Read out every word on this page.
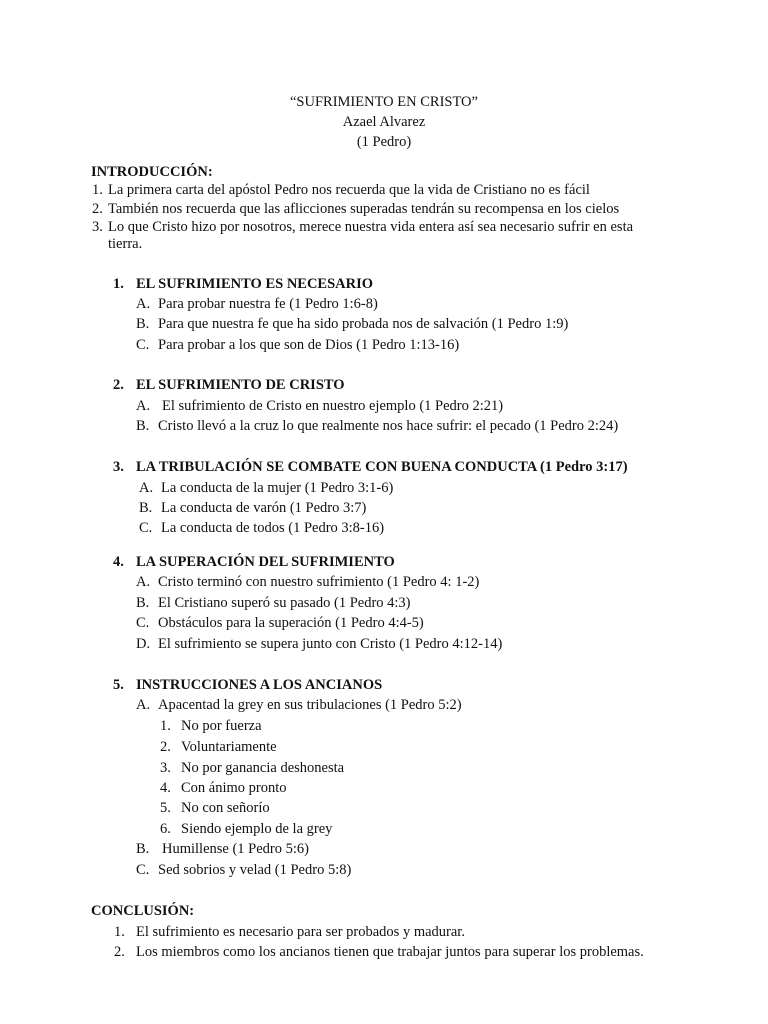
“SUFRIMIENTO EN CRISTO”
Azael Alvarez
(1 Pedro)
INTRODUCCIÓN:
1. La primera carta del apóstol Pedro nos recuerda que la vida de Cristiano no es fácil
2. También nos recuerda que las aflicciones superadas tendrán su recompensa en los cielos
3. Lo que Cristo hizo por nosotros, merece nuestra vida entera así sea necesario sufrir en esta
tierra.
1. EL SUFRIMIENTO ES NECESARIO
A. Para probar nuestra fe (1 Pedro 1:6-8)
B. Para que nuestra fe que ha sido probada nos de salvación (1 Pedro 1:9)
C. Para probar a los que son de Dios (1 Pedro 1:13-16)
2. EL SUFRIMIENTO DE CRISTO
A. El sufrimiento de Cristo en nuestro ejemplo (1 Pedro 2:21)
B. Cristo llevó a la cruz lo que realmente nos hace sufrir: el pecado (1 Pedro 2:24)
3. LA TRIBULACIÓN SE COMBATE CON BUENA CONDUCTA (1 Pedro 3:17)
A. La conducta de la mujer (1 Pedro 3:1-6)
B. La conducta de varón (1 Pedro 3:7)
C. La conducta de todos (1 Pedro 3:8-16)
4. LA SUPERACIÓN DEL SUFRIMIENTO
A. Cristo terminó con nuestro sufrimiento (1 Pedro 4: 1-2)
B. El Cristiano superó su pasado (1 Pedro 4:3)
C. Obstáculos para la superación (1 Pedro 4:4-5)
D. El sufrimiento se supera junto con Cristo (1 Pedro 4:12-14)
5. INSTRUCCIONES A LOS ANCIANOS
A. Apacentad la grey en sus tribulaciones (1 Pedro 5:2)
1. No por fuerza
2. Voluntariamente
3. No por ganancia deshonesta
4. Con ánimo pronto
5. No con señorío
6. Siendo ejemplo de la grey
B. Humillense (1 Pedro 5:6)
C. Sed sobrios y velad (1 Pedro 5:8)
CONCLUSIÓN:
1. El sufrimiento es necesario para ser probados y madurar.
2. Los miembros como los ancianos tienen que trabajar juntos para superar los problemas.
